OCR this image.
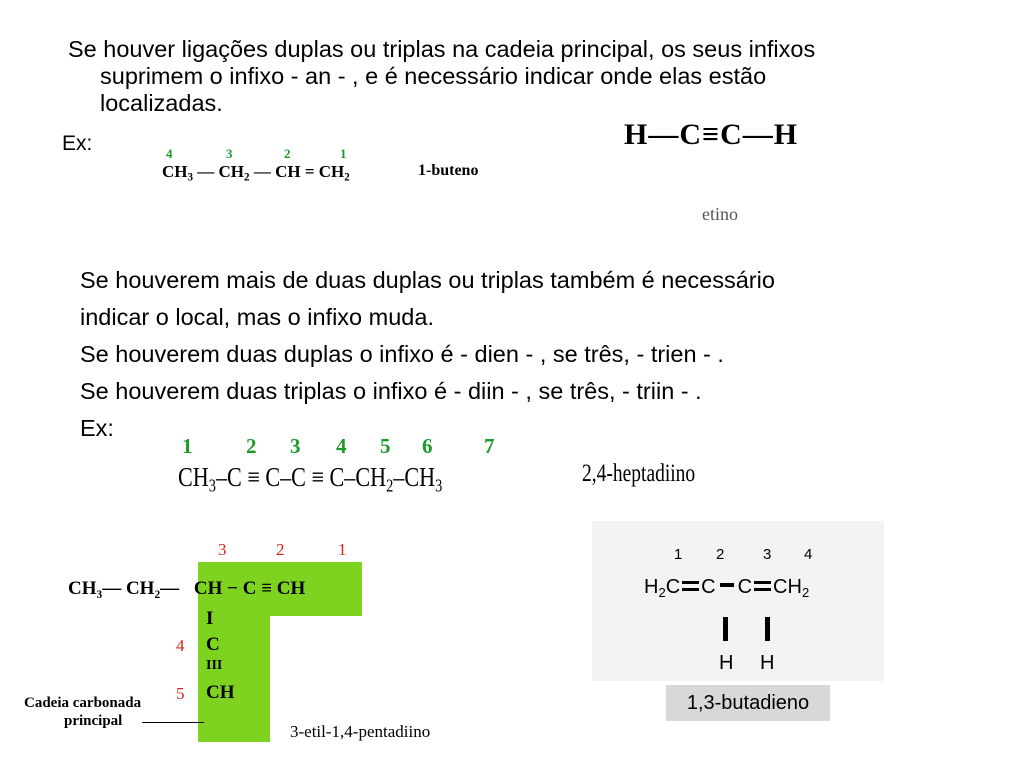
Se houver ligações duplas ou triplas na cadeia principal, os seus infixos
suprimem o infixo - an - , e é necessário indicar onde elas estão
localizadas.
Ex:	4	3	2	1
$CH_3$ — $CH_2$ — CH = $CH_2$	1-buteno
H—C≡C—H
etino
Se houverem mais de duas duplas ou triplas também é necessário
indicar o local, mas o infixo muda.
Se houverem duas duplas o infixo é - dien - , se três, - trien - .
Se houverem duas triplas o infixo é - diin - , se três, - triin - .
Ex:
1	2 3 4 5 6 7
$CH_3-C \equiv C-C \equiv C-CH_2-CH_3$	2,4-heptadiino
3	2	1
CH₃— CH₂— CH − C ≡ CH
I
C
III
CH
4
5
Cadeia carbonada
principal
3-etil-1,4-pentadiino
1 2	3 4
$H_2C$ C C $CH_2$
H H
1,3-butadieno
